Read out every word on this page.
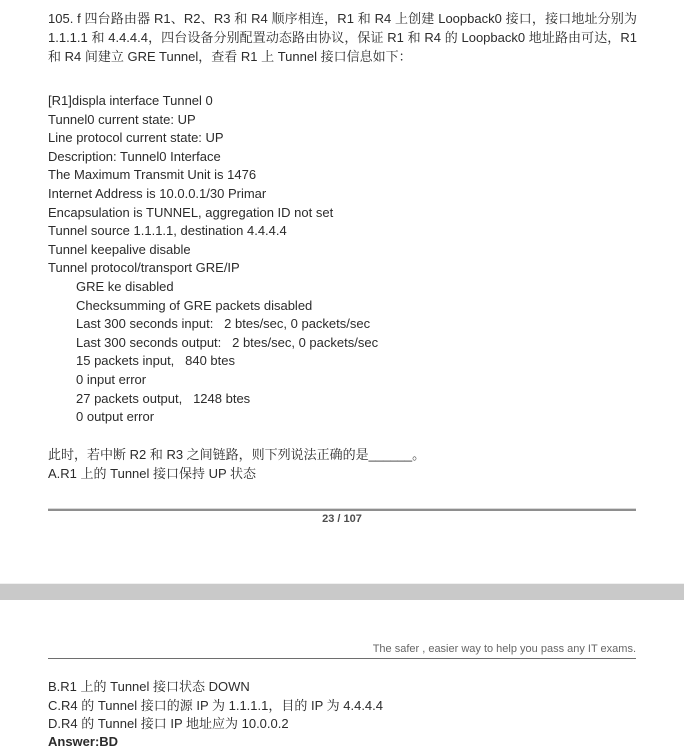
105. f 四台路由器 R1、R2、R3 和 R4 顺序相连，R1 和 R4 上创建 Loopback0 接口，接口地址分别为 1.1.1.1 和 4.4.4.4，四台设备分别配置动态路由协议，保证 R1 和 R4 的 Loopback0 地址路由可达，R1 和 R4 间建立 GRE Tunnel，查看 R1 上 Tunnel 接口信息如下：

[R1]displa interface Tunnel 0
Tunnel0 current state: UP
Line protocol current state: UP
Description: Tunnel0 Interface
The Maximum Transmit Unit is 1476
Internet Address is 10.0.0.1/30 Primar
Encapsulation is TUNNEL, aggregation ID not set
Tunnel source 1.1.1.1, destination 4.4.4.4
Tunnel keepalive disable
Tunnel protocol/transport GRE/IP
GRE ke disabled
Checksumming of GRE packets disabled
Last 300 seconds input:   2 btes/sec, 0 packets/sec
Last 300 seconds output:   2 btes/sec, 0 packets/sec
15 packets input,   840 btes
0 input error
27 packets output,   1248 btes
0 output error
此时，若中断 R2 和 R3 之间链路，则下列说法正确的是______。
A.R1 上的 Tunnel 接口保持 UP 状态
23 / 107
The safer , easier way to help you pass any IT exams.
B.R1 上的 Tunnel 接口状态 DOWN
C.R4 的 Tunnel 接口的源 IP 为 1.1.1.1，目的 IP 为 4.4.4.4
D.R4 的 Tunnel 接口 IP 地址应为 10.0.0.2
Answer:BD
